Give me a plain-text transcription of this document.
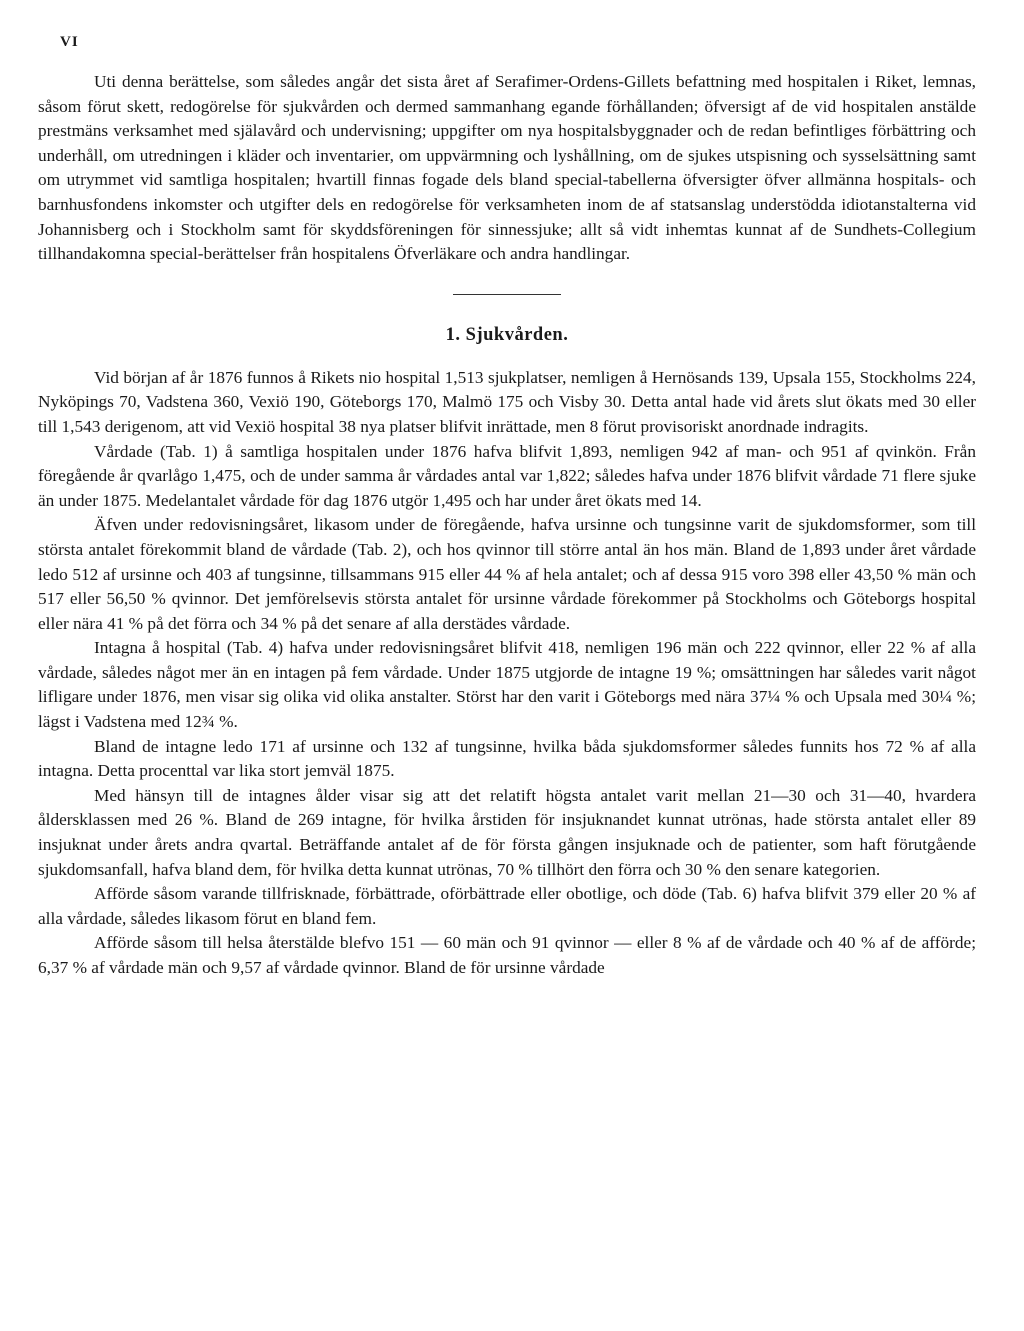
VI

Uti denna berättelse, som således angår det sista året af Serafimer-Ordens-Gillets befattning med hospitalen i Riket, lemnas, såsom förut skett, redogörelse för sjukvården och dermed sammanhang egande förhållanden; öfversigt af de vid hospitalen anstälde prestmäns verksamhet med själavård och undervisning; uppgifter om nya hospitalsbyggnader och de redan befintliges förbättring och underhåll, om utredningen i kläder och inventarier, om uppvärmning och lyshållning, om de sjukes utspisning och sysselsättning samt om utrymmet vid samtliga hospitalen; hvartill finnas fogade dels bland special-tabellerna öfversigter öfver allmänna hospitals- och barnhusfondens inkomster och utgifter dels en redogörelse för verksamheten inom de af statsanslag understödda idiotanstalterna vid Johannisberg och i Stockholm samt för skyddsföreningen för sinnessjuke; allt så vidt inhemtas kunnat af de Sundhets-Collegium tillhandakomna special-berättelser från hospitalens Öfverläkare och andra handlingar.

1. Sjukvården.

Vid början af år 1876 funnos å Rikets nio hospital 1,513 sjukplatser, nemligen å Hernösands 139, Upsala 155, Stockholms 224, Nyköpings 70, Vadstena 360, Vexiö 190, Göteborgs 170, Malmö 175 och Visby 30. Detta antal hade vid årets slut ökats med 30 eller till 1,543 derigenom, att vid Vexiö hospital 38 nya platser blifvit inrättade, men 8 förut provisoriskt anordnade indragits.

Vårdade (Tab. 1) å samtliga hospitalen under 1876 hafva blifvit 1,893, nemligen 942 af man- och 951 af qvinkön. Från föregående år qvarlågo 1,475, och de under samma år vårdades antal var 1,822; således hafva under 1876 blifvit vårdade 71 flere sjuke än under 1875. Medelantalet vårdade för dag 1876 utgör 1,495 och har under året ökats med 14.

Äfven under redovisningsåret, likasom under de föregående, hafva ursinne och tungsinne varit de sjukdomsformer, som till största antalet förekommit bland de vårdade (Tab. 2), och hos qvinnor till större antal än hos män. Bland de 1,893 under året vårdade ledo 512 af ursinne och 403 af tungsinne, tillsammans 915 eller 44 % af hela antalet; och af dessa 915 voro 398 eller 43,50 % män och 517 eller 56,50 % qvinnor. Det jemförelsevis största antalet för ursinne vårdade förekommer på Stockholms och Göteborgs hospital eller nära 41 % på det förra och 34 % på det senare af alla derstädes vårdade.

Intagna å hospital (Tab. 4) hafva under redovisningsåret blifvit 418, nemligen 196 män och 222 qvinnor, eller 22 % af alla vårdade, således något mer än en intagen på fem vårdade. Under 1875 utgjorde de intagne 19 %; omsättningen har således varit något lifligare under 1876, men visar sig olika vid olika anstalter. Störst har den varit i Göteborgs med nära 37¼ % och Upsala med 30¼ %; lägst i Vadstena med 12¾ %.

Bland de intagne ledo 171 af ursinne och 132 af tungsinne, hvilka båda sjukdomsformer således funnits hos 72 % af alla intagna. Detta procenttal var lika stort jemväl 1875.

Med hänsyn till de intagnes ålder visar sig att det relatift högsta antalet varit mellan 21—30 och 31—40, hvardera åldersklassen med 26 %. Bland de 269 intagne, för hvilka årstiden för insjuknandet kunnat utrönas, hade största antalet eller 89 insjuknat under årets andra qvartal. Beträffande antalet af de för första gången insjuknade och de patienter, som haft förutgående sjukdomsanfall, hafva bland dem, för hvilka detta kunnat utrönas, 70 % tillhört den förra och 30 % den senare kategorien.

Afförde såsom varande tillfrisknade, förbättrade, oförbättrade eller obotlige, och döde (Tab. 6) hafva blifvit 379 eller 20 % af alla vårdade, således likasom förut en bland fem.

Afförde såsom till helsa återstälde blefvo 151 — 60 män och 91 qvinnor — eller 8 % af de vårdade och 40 % af de afförde; 6,37 % af vårdade män och 9,57 af vårdade qvinnor. Bland de för ursinne vårdade
